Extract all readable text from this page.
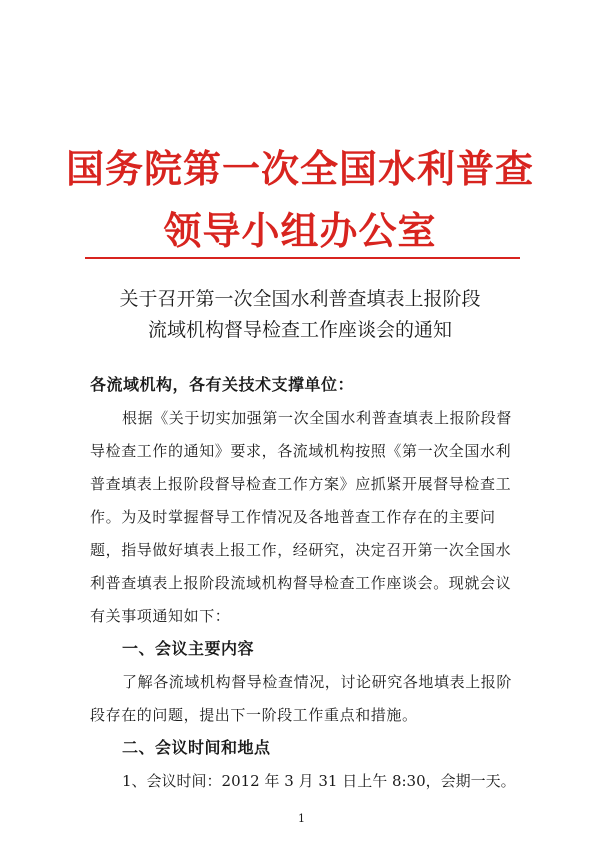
国务院第一次全国水利普查
领导小组办公室
关于召开第一次全国水利普查填表上报阶段
流域机构督导检查工作座谈会的通知
各流域机构，各有关技术支撑单位：
根据《关于切实加强第一次全国水利普查填表上报阶段督
导检查工作的通知》要求，各流域机构按照《第一次全国水利
普查填表上报阶段督导检查工作方案》应抓紧开展督导检查工
作。为及时掌握督导工作情况及各地普查工作存在的主要问
题，指导做好填表上报工作，经研究，决定召开第一次全国水
利普查填表上报阶段流域机构督导检查工作座谈会。现就会议
有关事项通知如下：
一、会议主要内容
了解各流域机构督导检查情况，讨论研究各地填表上报阶
段存在的问题，提出下一阶段工作重点和措施。
二、会议时间和地点
1、会议时间：2012 年 3 月 31 日上午 8:30，会期一天。
1
